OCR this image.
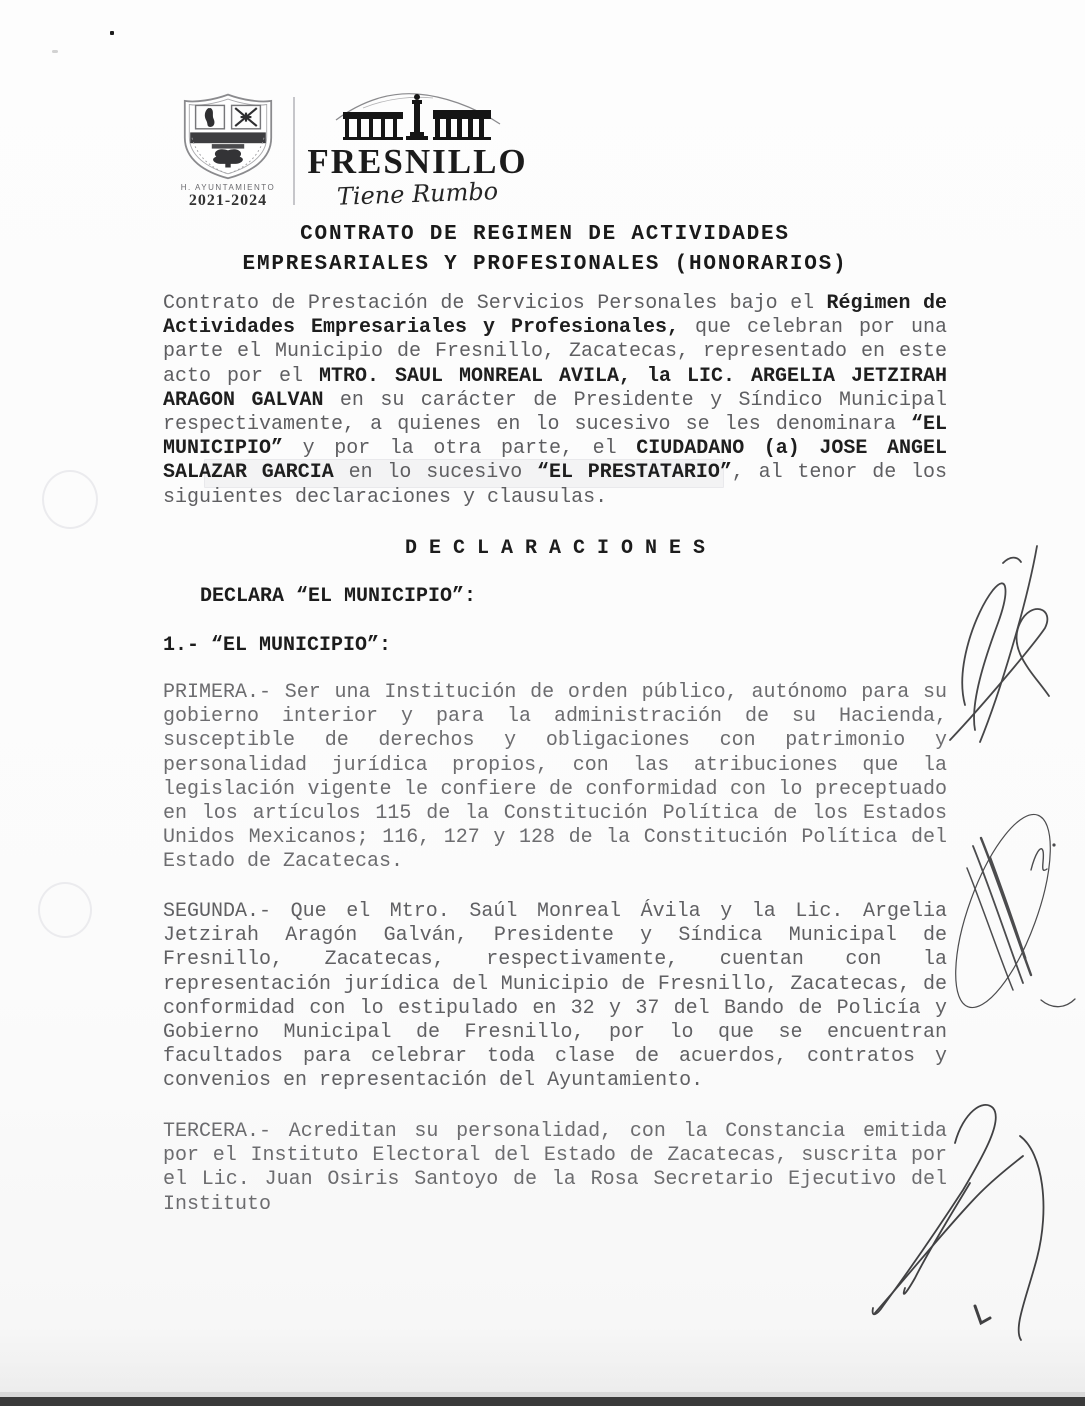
H. AYUNTAMIENTO
2021-2024
FRESNILLO
Tiene Rumbo
CONTRATO DE REGIMEN DE ACTIVIDADES
EMPRESARIALES Y PROFESIONALES (HONORARIOS)
Contrato de Prestación de Servicios Personales bajo el Régimen de Actividades Empresariales y Profesionales, que celebran por una parte el Municipio de Fresnillo, Zacatecas, representado en este acto por el MTRO. SAUL MONREAL AVILA, la LIC. ARGELIA JETZIRAH ARAGON GALVAN en su carácter de Presidente y Síndico Municipal respectivamente, a quienes en lo sucesivo se les denominara “EL MUNICIPIO” y por la otra parte, el CIUDADANO (a) JOSE ANGEL SALAZAR GARCIA en lo sucesivo “EL PRESTATARIO”, al tenor de los siguientes declaraciones y clausulas.
D E C L A R A C I O N E S
DECLARA “EL MUNICIPIO”:
1.- “EL MUNICIPIO”:
PRIMERA.- Ser una Institución de orden público, autónomo para su gobierno interior y para la administración de su Hacienda, susceptible de derechos y obligaciones con patrimonio y personalidad jurídica propios, con las atribuciones que la legislación vigente le confiere de conformidad con lo preceptuado en los artículos 115 de la Constitución Política de los Estados Unidos Mexicanos; 116, 127 y 128 de la Constitución Política del Estado de Zacatecas.
SEGUNDA.- Que el Mtro. Saúl Monreal Ávila y la Lic. Argelia Jetzirah Aragón Galván, Presidente y Síndica Municipal de Fresnillo, Zacatecas, respectivamente, cuentan con la representación jurídica del Municipio de Fresnillo, Zacatecas, de conformidad con lo estipulado en 32 y 37 del Bando de Policía y Gobierno Municipal de Fresnillo, por lo que se encuentran facultados para celebrar toda clase de acuerdos, contratos y convenios en representación del Ayuntamiento.
TERCERA.- Acreditan su personalidad, con la Constancia emitida por el Instituto Electoral del Estado de Zacatecas, suscrita por el Lic. Juan Osiris Santoyo de la Rosa Secretario Ejecutivo del Instituto
